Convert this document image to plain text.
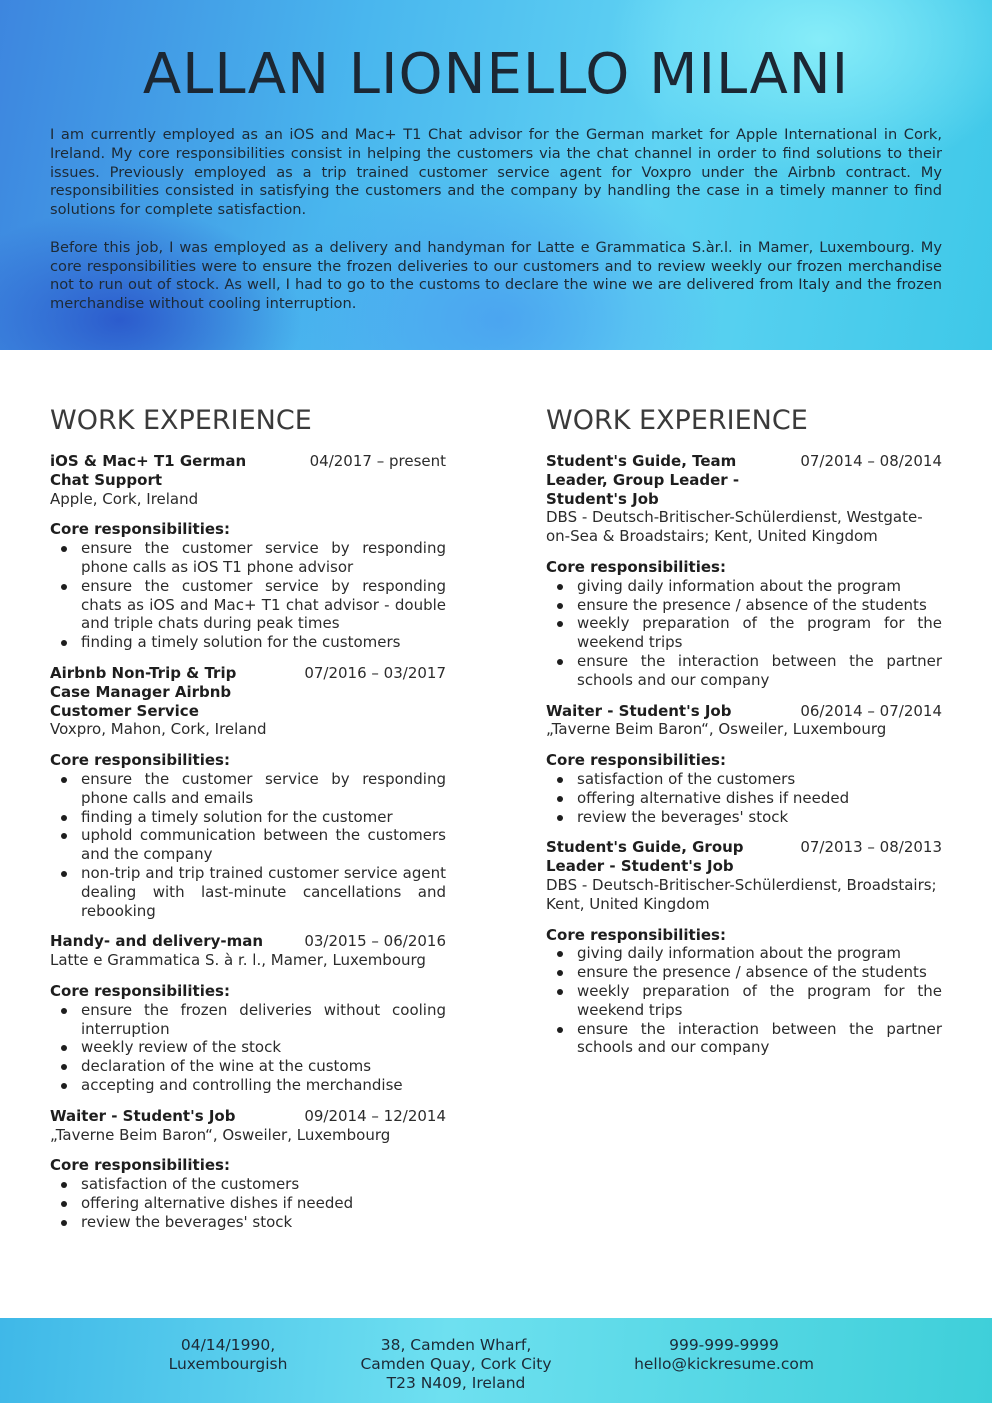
ALLAN LIONELLO MILANI

I am currently employed as an iOS and Mac+ T1 Chat advisor for the German market for Apple International in Cork, Ireland. My core responsibilities consist in helping the customers via the chat channel in order to find solutions to their issues. Previously employed as a trip trained customer service agent for Voxpro under the Airbnb contract. My responsibilities consisted in satisfying the customers and the company by handling the case in a timely manner to find solutions for complete satisfaction.

Before this job, I was employed as a delivery and handyman for Latte e Grammatica S.àr.l. in Mamer, Luxembourg. My core responsibilities were to ensure the frozen deliveries to our customers and to review weekly our frozen merchandise not to run out of stock. As well, I had to go to the customs to declare the wine we are delivered from Italy and the frozen merchandise without cooling interruption.

WORK EXPERIENCE
iOS & Mac+ T1 German Chat Support
04/2017 – present
Apple, Cork, Ireland
Core responsibilities:
ensure the customer service by responding phone calls as iOS T1 phone advisor
ensure the customer service by responding chats as iOS and Mac+ T1 chat advisor - double and triple chats during peak times
finding a timely solution for the customers
Airbnb Non-Trip & Trip Case Manager Airbnb Customer Service
07/2016 – 03/2017
Voxpro, Mahon, Cork, Ireland
Core responsibilities:
ensure the customer service by responding phone calls and emails
finding a timely solution for the customer
uphold communication between the customers and the company
non-trip and trip trained customer service agent dealing with last-minute cancellations and rebooking
Handy- and delivery-man	03/2015 – 06/2016
Latte e Grammatica S. à r. l., Mamer, Luxembourg
Core responsibilities:
ensure the frozen deliveries without cooling interruption
weekly review of the stock
declaration of the wine at the customs
accepting and controlling the merchandise
Waiter - Student's Job	09/2014 – 12/2014
„Taverne Beim Baron“, Osweiler, Luxembourg
Core responsibilities:
satisfaction of the customers
offering alternative dishes if needed
review the beverages' stock
WORK EXPERIENCE
Student's Guide, Team Leader, Group Leader - Student's Job
07/2014 – 08/2014
DBS - Deutsch-Britischer-Schülerdienst, Westgate-on-Sea & Broadstairs; Kent, United Kingdom
Core responsibilities:
giving daily information about the program
ensure the presence / absence of the students
weekly preparation of the program for the weekend trips
ensure the interaction between the partner schools and our company
Waiter - Student's Job	06/2014 – 07/2014
„Taverne Beim Baron“, Osweiler, Luxembourg
Core responsibilities:
satisfaction of the customers
offering alternative dishes if needed
review the beverages' stock
Student's Guide, Group Leader - Student's Job
07/2013 – 08/2013
DBS - Deutsch-Britischer-Schülerdienst, Broadstairs; Kent, United Kingdom
Core responsibilities:
giving daily information about the program
ensure the presence / absence of the students
weekly preparation of the program for the weekend trips
ensure the interaction between the partner schools and our company
04/14/1990,
Luxembourgish
38, Camden Wharf,
Camden Quay, Cork City
T23 N409, Ireland
999-999-9999
hello@kickresume.com
